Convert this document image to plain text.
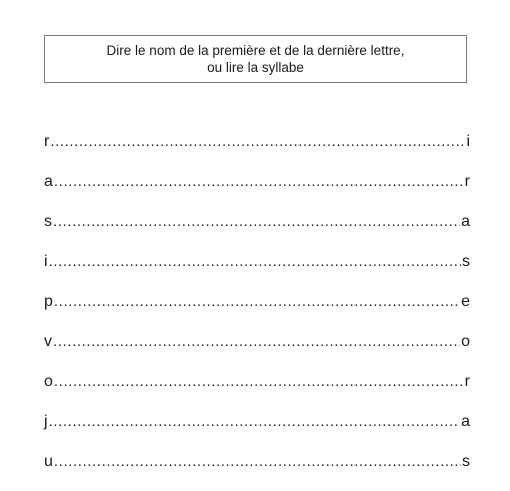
Dire le nom de la première et de la dernière lettre,
ou lire la syllabe
r .....	i
a .....	r
s .....	a
i .....	s
p .....	e
v .....	o
o .....	r
j .....	a
u .....	s
